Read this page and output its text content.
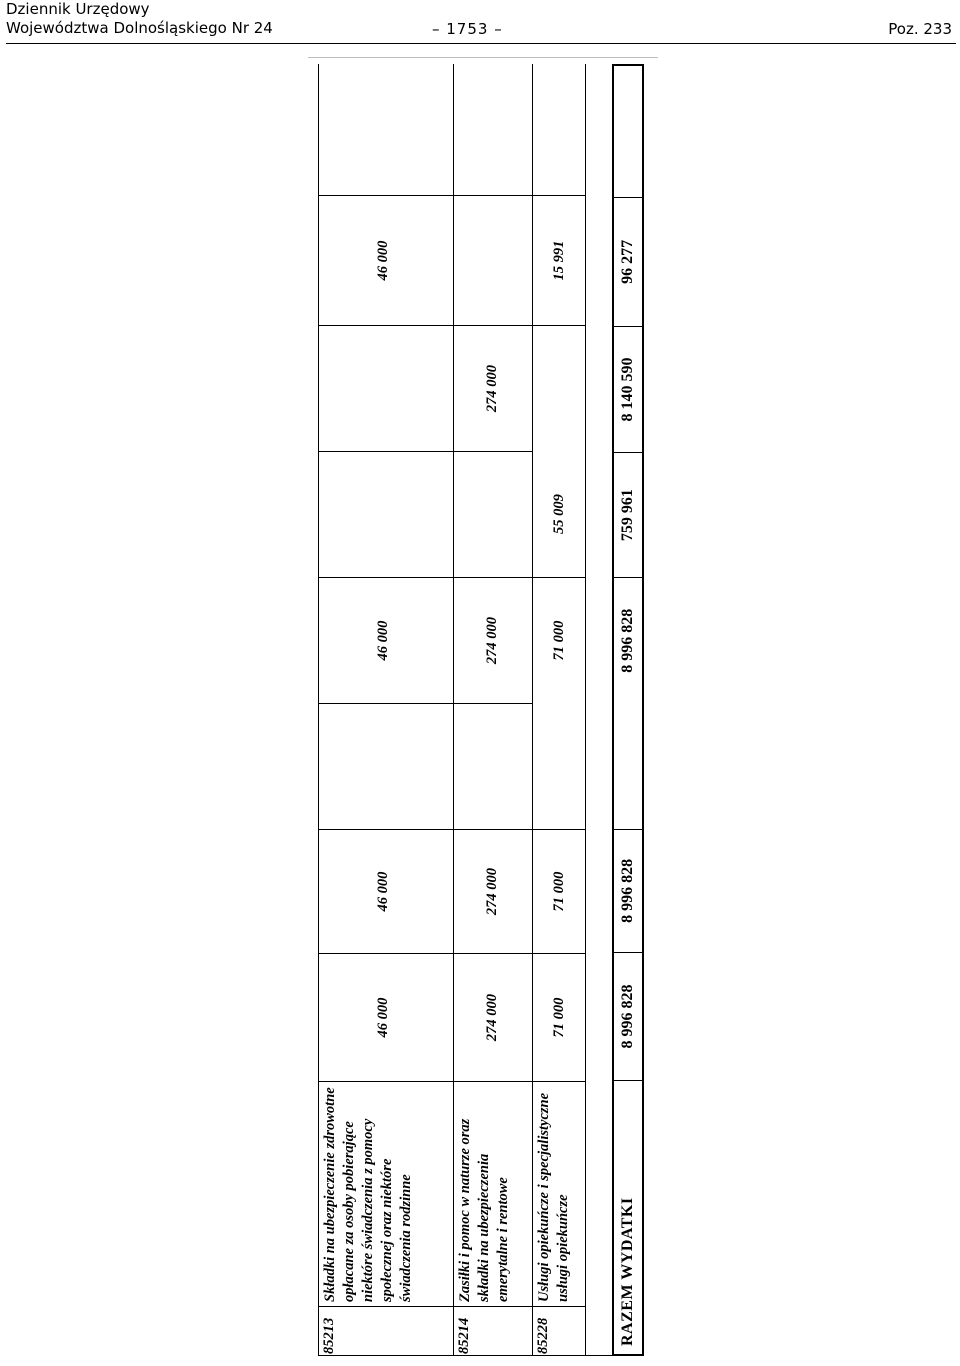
Dziennik Urzędowy
Województwa Dolnośląskiego Nr 24	– 1753 –	Poz. 233
85213
Składki na ubezpieczenie zdrowotne opłacane za osoby pobierające niektóre świadczenia z pomocy społecznej oraz niektóre świadczenia rodzinne
46 000
46 000
46 000
46 000
85214
Zasiłki i pomoc w naturze oraz składki na ubezpieczenia emerytalne i rentowe
274 000
274 000
274 000
274 000
85228
Usługi opiekuńcze i specjalistyczne usługi opiekuńcze
71 000
71 000
71 000
55 009
15 991
RAZEM WYDATKI
8 996 828
8 996 828
8 996 828
759 961
8 140 590
96 277
